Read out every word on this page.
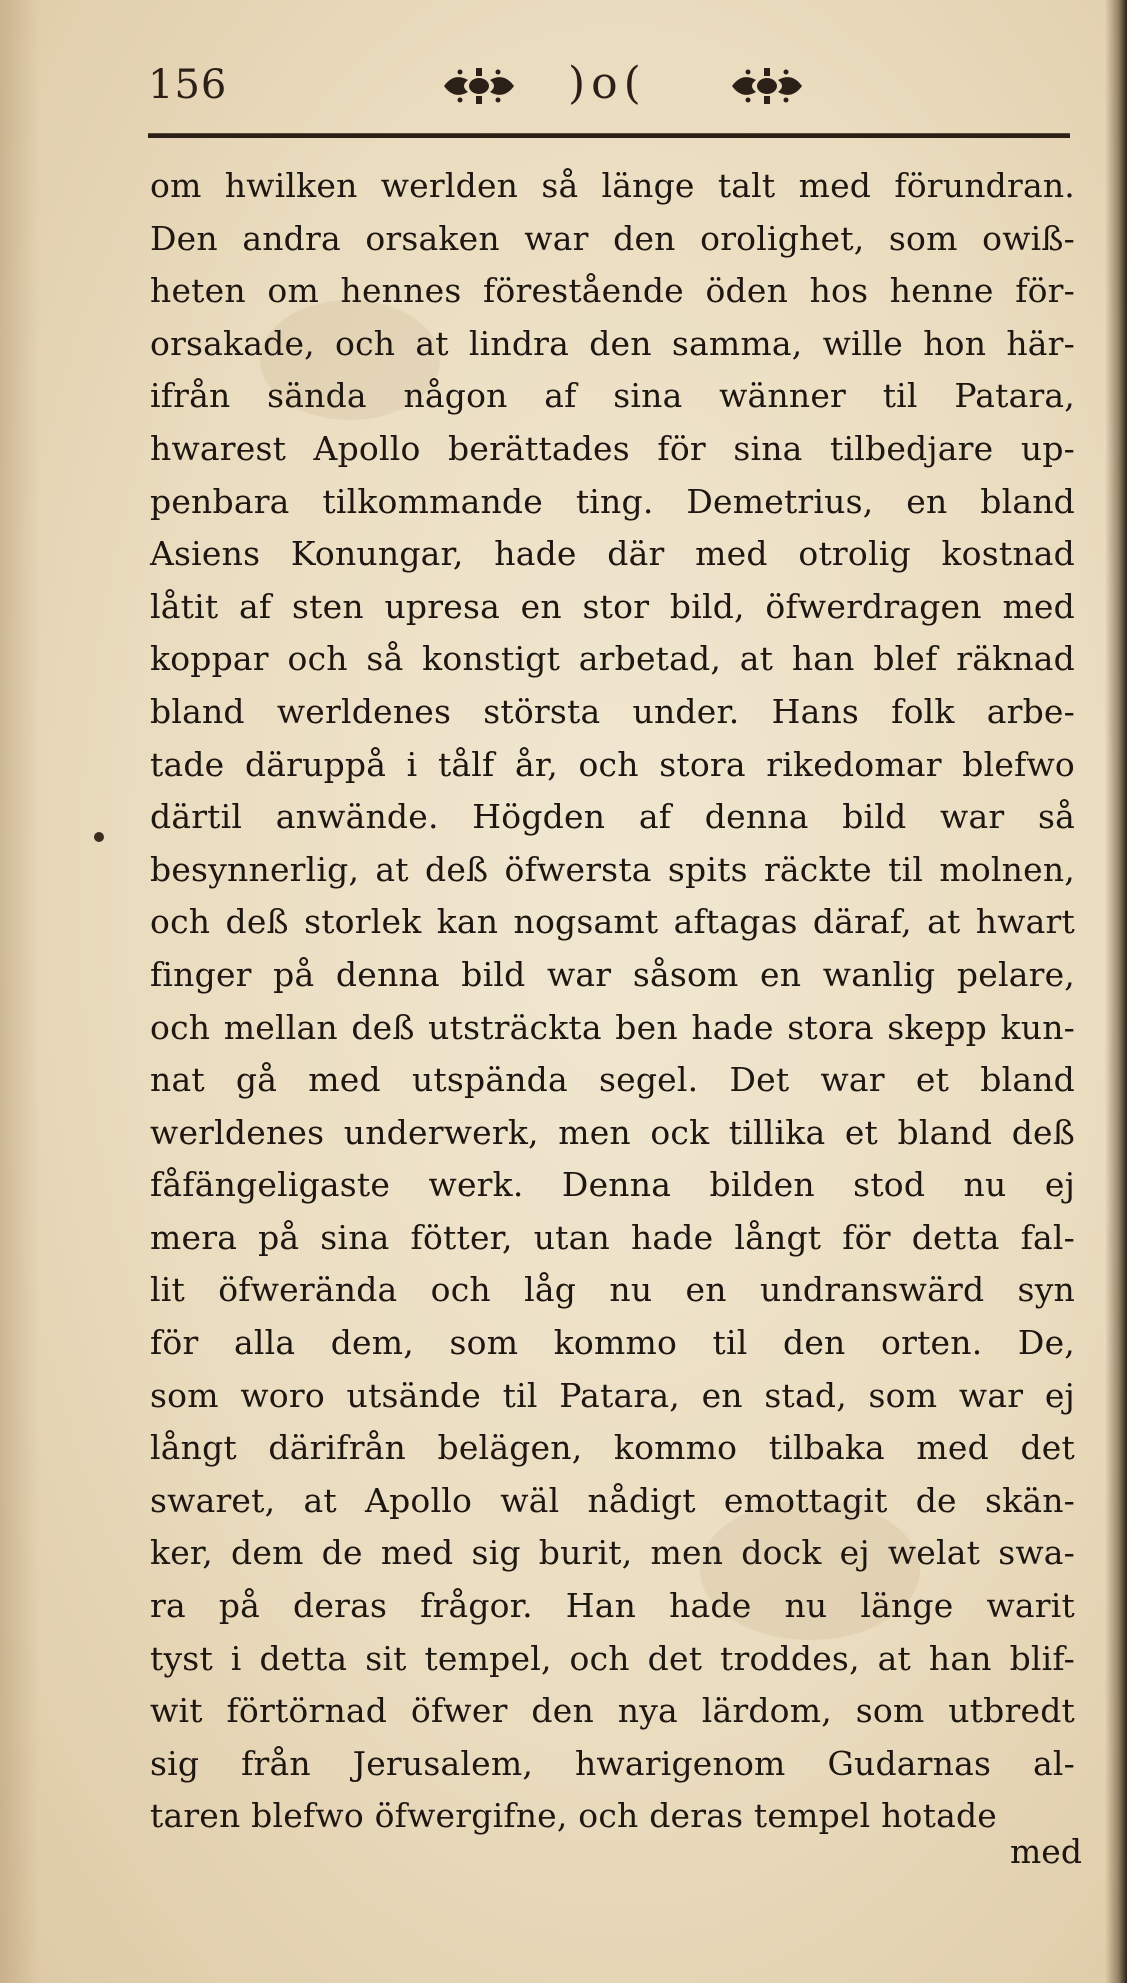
156	)o(
om hwilken werlden så länge talt med förundran.
Den andra orsaken war den orolighet, som owiß-
heten om hennes förestående öden hos henne för-
orsakade, och at lindra den samma, wille hon här-
ifrån sända någon af sina wänner til Patara,
hwarest Apollo berättades för sina tilbedjare up-
penbara tilkommande ting. Demetrius, en bland
Asiens Konungar, hade där med otrolig kostnad
låtit af sten upresa en stor bild, öfwerdragen med
koppar och så konstigt arbetad, at han blef räknad
bland werldenes största under. Hans folk arbe-
tade däruppå i tålf år, och stora rikedomar blefwo
därtil anwände. Högden af denna bild war så
besynnerlig, at deß öfwersta spits räckte til molnen,
och deß storlek kan nogsamt aftagas däraf, at hwart
finger på denna bild war såsom en wanlig pelare,
och mellan deß utsträckta ben hade stora skepp kun-
nat gå med utspända segel. Det war et bland
werldenes underwerk, men ock tillika et bland deß
fåfängeligaste werk. Denna bilden stod nu ej
mera på sina fötter, utan hade långt för detta fal-
lit öfwerända och låg nu en undranswärd syn
för alla dem, som kommo til den orten. De,
som woro utsände til Patara, en stad, som war ej
långt därifrån belägen, kommo tilbaka med det
swaret, at Apollo wäl nådigt emottagit de skän-
ker, dem de med sig burit, men dock ej welat swa-
ra på deras frågor. Han hade nu länge warit
tyst i detta sit tempel, och det troddes, at han blif-
wit förtörnad öfwer den nya lärdom, som utbredt
sig från Jerusalem, hwarigenom Gudarnas al-
taren blefwo öfwergifne, och deras tempel hotade
med
